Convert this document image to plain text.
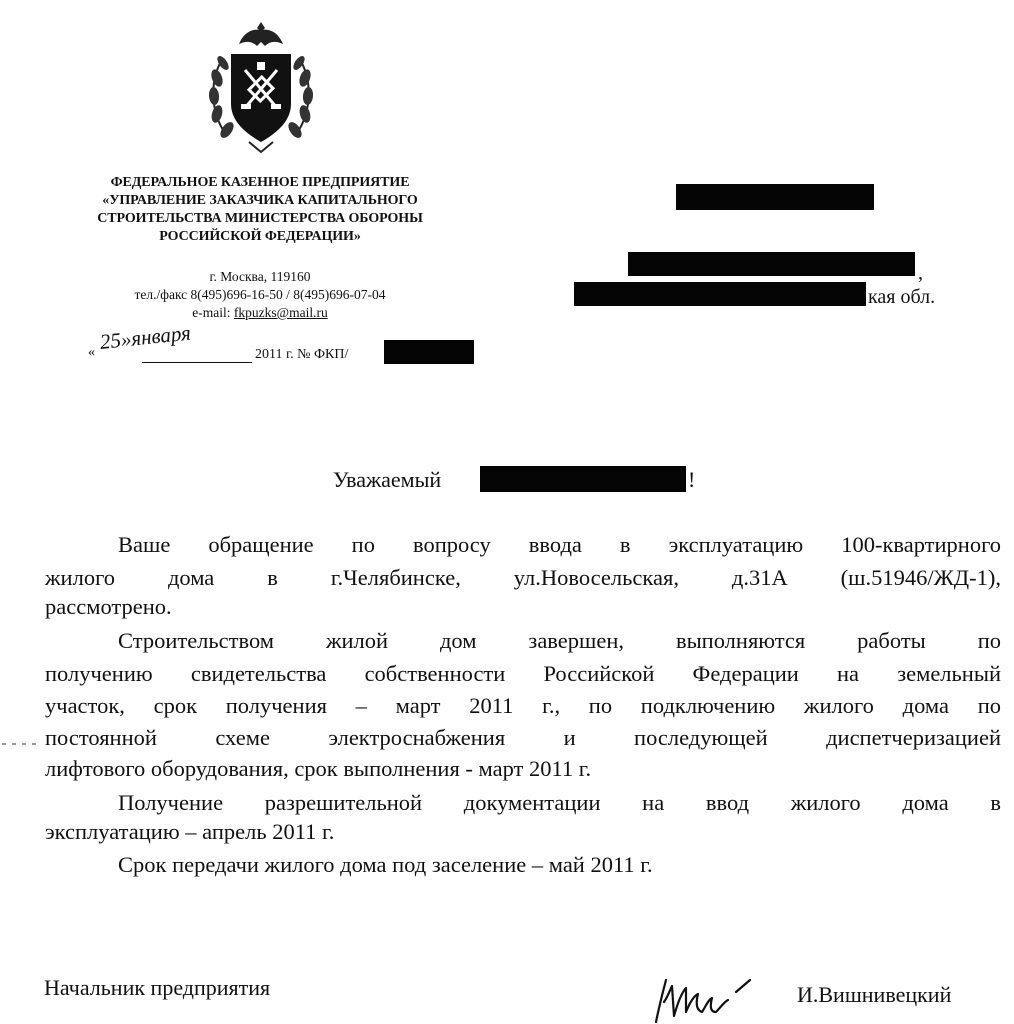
ФЕДЕРАЛЬНОЕ КАЗЕННОЕ ПРЕДПРИЯТИЕ
«УПРАВЛЕНИЕ ЗАКАЗЧИКА КАПИТАЛЬНОГО
СТРОИТЕЛЬСТВА МИНИСТЕРСТВА ОБОРОНЫ
РОССИЙСКОЙ ФЕДЕРАЦИИ»
г. Москва, 119160
тел./факс 8(495)696-16-50 / 8(495)696-07-04
e-mail: fkpuzks@mail.ru
« 25»января
2011 г. № ФКП/
,
кая обл.
Уважаемый	!
Ваше обращение по вопросу ввода в эксплуатацию 100-квартирного
жилого дома в г.Челябинске, ул.Новосельская, д.31А (ш.51946/ЖД-1),
рассмотрено.
Строительством жилой дом завершен, выполняются работы по
получению свидетельства собственности Российской Федерации на земельный
участок, срок получения – март 2011 г., по подключению жилого дома по
постоянной схеме электроснабжения и последующей диспетчеризацией
лифтового оборудования, срок выполнения - март 2011 г.
Получение разрешительной документации на ввод жилого дома в
эксплуатацию – апрель 2011 г.
Срок передачи жилого дома под заселение – май 2011 г.
Начальник предприятия	И.Вишнивецкий
